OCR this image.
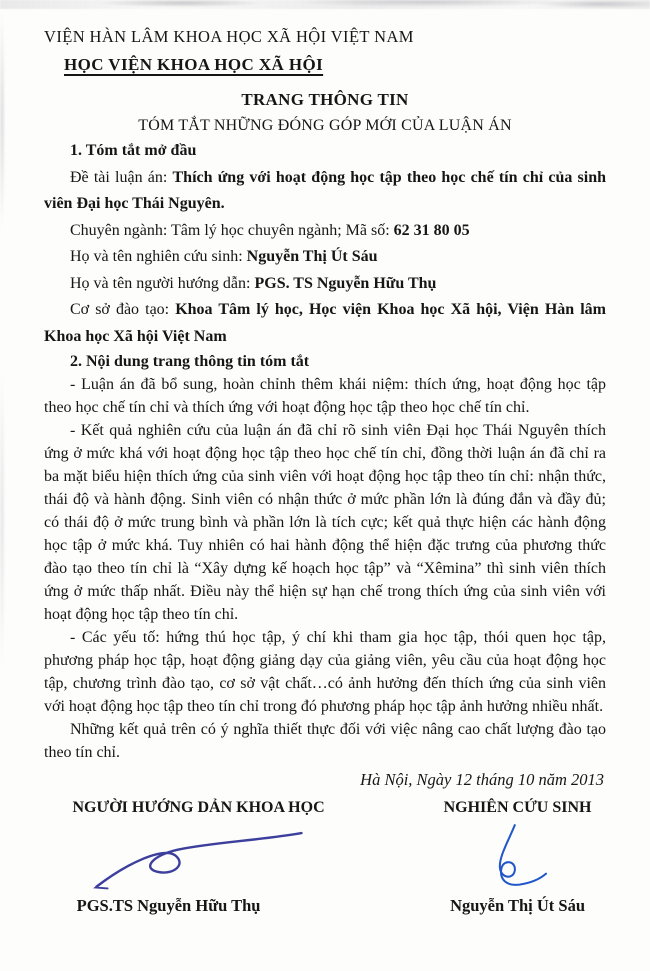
VIỆN HÀN LÂM KHOA HỌC XÃ HỘI VIỆT NAM

HỌC VIỆN KHOA HỌC XÃ HỘI

TRANG THÔNG TIN

TÓM TẮT NHỮNG ĐÓNG GÓP MỚI CỦA LUẬN ÁN

1. Tóm tắt mở đầu

Đề tài luận án: Thích ứng với hoạt động học tập theo học chế tín chỉ của sinh viên Đại học Thái Nguyên.

Chuyên ngành: Tâm lý học chuyên ngành; Mã số: 62 31 80 05

Họ và tên nghiên cứu sinh: Nguyễn Thị Út Sáu

Họ và tên người hướng dẫn: PGS. TS Nguyễn Hữu Thụ

Cơ sở đào tạo: Khoa Tâm lý học, Học viện Khoa học Xã hội, Viện Hàn lâm Khoa học Xã hội Việt Nam

2. Nội dung trang thông tin tóm tắt

- Luận án đã bổ sung, hoàn chỉnh thêm khái niệm: thích ứng, hoạt động học tập theo học chế tín chỉ và thích ứng với hoạt động học tập theo học chế tín chỉ.

- Kết quả nghiên cứu của luận án đã chỉ rõ sinh viên Đại học Thái Nguyên thích ứng ở mức khá với hoạt động học tập theo học chế tín chỉ, đồng thời luận án đã chỉ ra ba mặt biểu hiện thích ứng của sinh viên với hoạt động học tập theo tín chỉ: nhận thức, thái độ và hành động. Sinh viên có nhận thức ở mức phần lớn là đúng đắn và đầy đủ; có thái độ ở mức trung bình và phần lớn là tích cực; kết quả thực hiện các hành động học tập ở mức khá. Tuy nhiên có hai hành động thể hiện đặc trưng của phương thức đào tạo theo tín chỉ là “Xây dựng kế hoạch học tập” và “Xêmina” thì sinh viên thích ứng ở mức thấp nhất. Điều này thể hiện sự hạn chế trong thích ứng của sinh viên với hoạt động học tập theo tín chỉ.

- Các yếu tố: hứng thú học tập, ý chí khi tham gia học tập, thói quen học tập, phương pháp học tập, hoạt động giảng dạy của giảng viên, yêu cầu của hoạt động học tập, chương trình đào tạo, cơ sở vật chất…có ảnh hưởng đến thích ứng của sinh viên với hoạt động học tập theo tín chỉ trong đó phương pháp học tập ảnh hưởng nhiều nhất.

Những kết quả trên có ý nghĩa thiết thực đối với việc nâng cao chất lượng đào tạo theo tín chỉ.

Hà Nội, Ngày 12 tháng 10 năm 2013

NGƯỜI HƯỚNG DẢN KHOA HỌC	NGHIÊN CỨU SINH
PGS.TS Nguyễn Hữu Thụ	Nguyễn Thị Út Sáu
